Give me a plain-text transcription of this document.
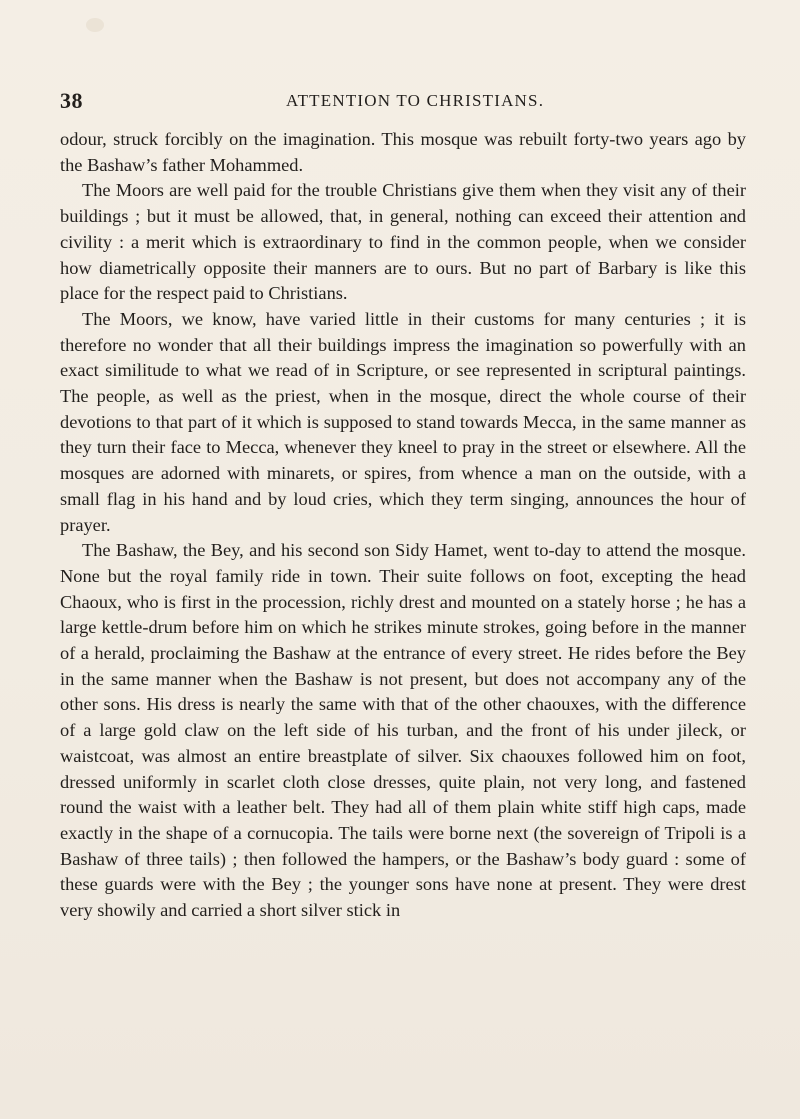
38	ATTENTION TO CHRISTIANS.

odour, struck forcibly on the imagination. This mosque was rebuilt forty-two years ago by the Bashaw’s father Mohammed.

The Moors are well paid for the trouble Christians give them when they visit any of their buildings ; but it must be allowed, that, in general, nothing can exceed their attention and civility : a merit which is extraordinary to find in the common people, when we consider how diametrically opposite their manners are to ours. But no part of Barbary is like this place for the respect paid to Christians.

The Moors, we know, have varied little in their customs for many centuries ; it is therefore no wonder that all their buildings impress the imagination so powerfully with an exact similitude to what we read of in Scripture, or see represented in scriptural paintings. The people, as well as the priest, when in the mosque, direct the whole course of their devotions to that part of it which is supposed to stand towards Mecca, in the same manner as they turn their face to Mecca, whenever they kneel to pray in the street or elsewhere. All the mosques are adorned with minarets, or spires, from whence a man on the outside, with a small flag in his hand and by loud cries, which they term singing, announces the hour of prayer.

The Bashaw, the Bey, and his second son Sidy Hamet, went to-day to attend the mosque. None but the royal family ride in town. Their suite follows on foot, excepting the head Chaoux, who is first in the procession, richly drest and mounted on a stately horse ; he has a large kettle-drum before him on which he strikes minute strokes, going before in the manner of a herald, proclaiming the Bashaw at the entrance of every street. He rides before the Bey in the same manner when the Bashaw is not present, but does not accompany any of the other sons. His dress is nearly the same with that of the other chaouxes, with the difference of a large gold claw on the left side of his turban, and the front of his under jileck, or waistcoat, was almost an entire breastplate of silver. Six chaouxes followed him on foot, dressed uniformly in scarlet cloth close dresses, quite plain, not very long, and fastened round the waist with a leather belt. They had all of them plain white stiff high caps, made exactly in the shape of a cornucopia. The tails were borne next (the sovereign of Tripoli is a Bashaw of three tails) ; then followed the hampers, or the Bashaw’s body guard : some of these guards were with the Bey ; the younger sons have none at present. They were drest very showily and carried a short silver stick in
